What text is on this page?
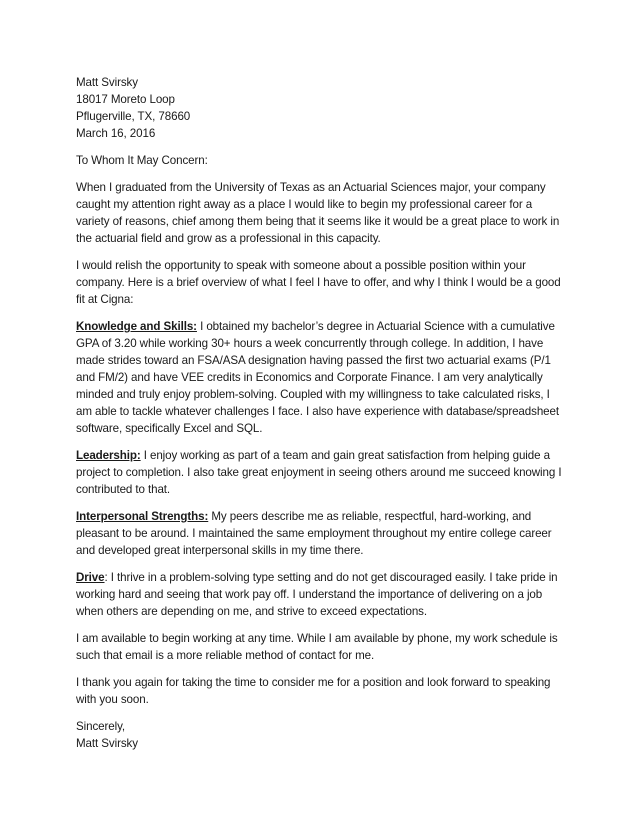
Matt Svirsky
18017 Moreto Loop
Pflugerville, TX, 78660
March 16, 2016

To Whom It May Concern:

When I graduated from the University of Texas as an Actuarial Sciences major, your company caught my attention right away as a place I would like to begin my professional career for a variety of reasons, chief among them being that it seems like it would be a great place to work in the actuarial field and grow as a professional in this capacity.

I would relish the opportunity to speak with someone about a possible position within your company. Here is a brief overview of what I feel I have to offer, and why I think I would be a good fit at Cigna:

Knowledge and Skills: I obtained my bachelor’s degree in Actuarial Science with a cumulative GPA of 3.20 while working 30+ hours a week concurrently through college. In addition, I have made strides toward an FSA/ASA designation having passed the first two actuarial exams (P/1 and FM/2) and have VEE credits in Economics and Corporate Finance. I am very analytically minded and truly enjoy problem-solving. Coupled with my willingness to take calculated risks, I am able to tackle whatever challenges I face. I also have experience with database/spreadsheet software, specifically Excel and SQL.

Leadership: I enjoy working as part of a team and gain great satisfaction from helping guide a project to completion. I also take great enjoyment in seeing others around me succeed knowing I contributed to that.

Interpersonal Strengths: My peers describe me as reliable, respectful, hard-working, and pleasant to be around. I maintained the same employment throughout my entire college career and developed great interpersonal skills in my time there.

Drive: I thrive in a problem-solving type setting and do not get discouraged easily. I take pride in working hard and seeing that work pay off. I understand the importance of delivering on a job when others are depending on me, and strive to exceed expectations.

I am available to begin working at any time. While I am available by phone, my work schedule is such that email is a more reliable method of contact for me.

I thank you again for taking the time to consider me for a position and look forward to speaking with you soon.

Sincerely,

Matt Svirsky
